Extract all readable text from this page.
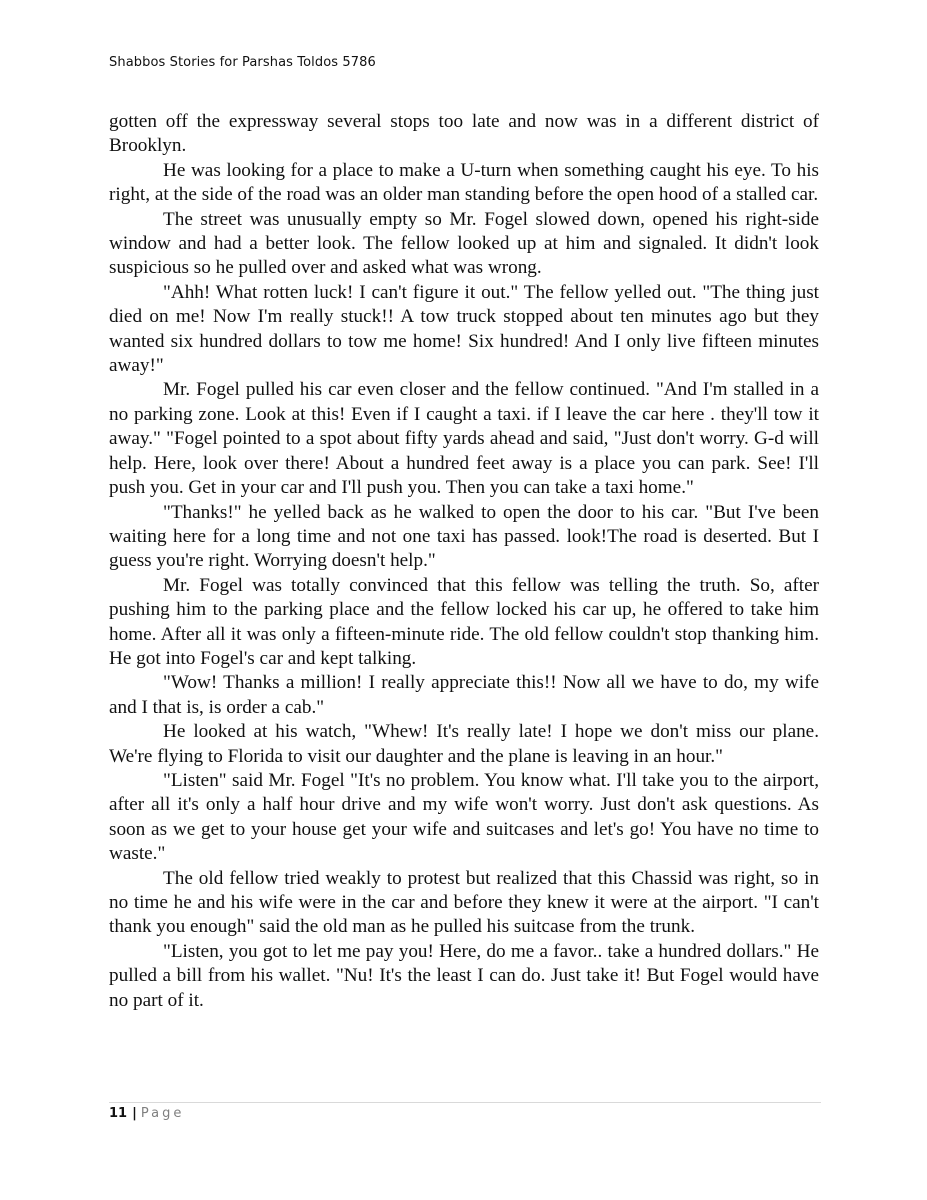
Shabbos Stories for Parshas Toldos 5786

gotten off the expressway several stops too late and now was in a different district of Brooklyn.

He was looking for a place to make a U-turn when something caught his eye. To his right, at the side of the road was an older man standing before the open hood of a stalled car.

The street was unusually empty so Mr. Fogel slowed down, opened his right-side window and had a better look. The fellow looked up at him and signaled. It didn't look suspicious so he pulled over and asked what was wrong.

"Ahh! What rotten luck! I can't figure it out." The fellow yelled out. "The thing just died on me! Now I'm really stuck!! A tow truck stopped about ten minutes ago but they wanted six hundred dollars to tow me home! Six hundred! And I only live fifteen minutes away!"

Mr. Fogel pulled his car even closer and the fellow continued. "And I'm stalled in a no parking zone. Look at this! Even if I caught a taxi. if I leave the car here . they'll tow it away." "Fogel pointed to a spot about fifty yards ahead and said, "Just don't worry. G-d will help. Here, look over there! About a hundred feet away is a place you can park. See! I'll push you. Get in your car and I'll push you. Then you can take a taxi home."

"Thanks!" he yelled back as he walked to open the door to his car. "But I've been waiting here for a long time and not one taxi has passed. look!The road is deserted. But I guess you're right. Worrying doesn't help."

Mr. Fogel was totally convinced that this fellow was telling the truth. So, after pushing him to the parking place and the fellow locked his car up, he offered to take him home. After all it was only a fifteen-minute ride. The old fellow couldn't stop thanking him. He got into Fogel's car and kept talking.

"Wow! Thanks a million! I really appreciate this!! Now all we have to do, my wife and I that is, is order a cab."

He looked at his watch, "Whew! It's really late! I hope we don't miss our plane. We're flying to Florida to visit our daughter and the plane is leaving in an hour."

"Listen" said Mr. Fogel "It's no problem. You know what. I'll take you to the airport, after all it's only a half hour drive and my wife won't worry. Just don't ask questions. As soon as we get to your house get your wife and suitcases and let's go! You have no time to waste."

The old fellow tried weakly to protest but realized that this Chassid was right, so in no time he and his wife were in the car and before they knew it were at the airport. "I can't thank you enough" said the old man as he pulled his suitcase from the trunk.

"Listen, you got to let me pay you! Here, do me a favor.. take a hundred dollars." He pulled a bill from his wallet. "Nu! It's the least I can do. Just take it! But Fogel would have no part of it.

11 | Page
